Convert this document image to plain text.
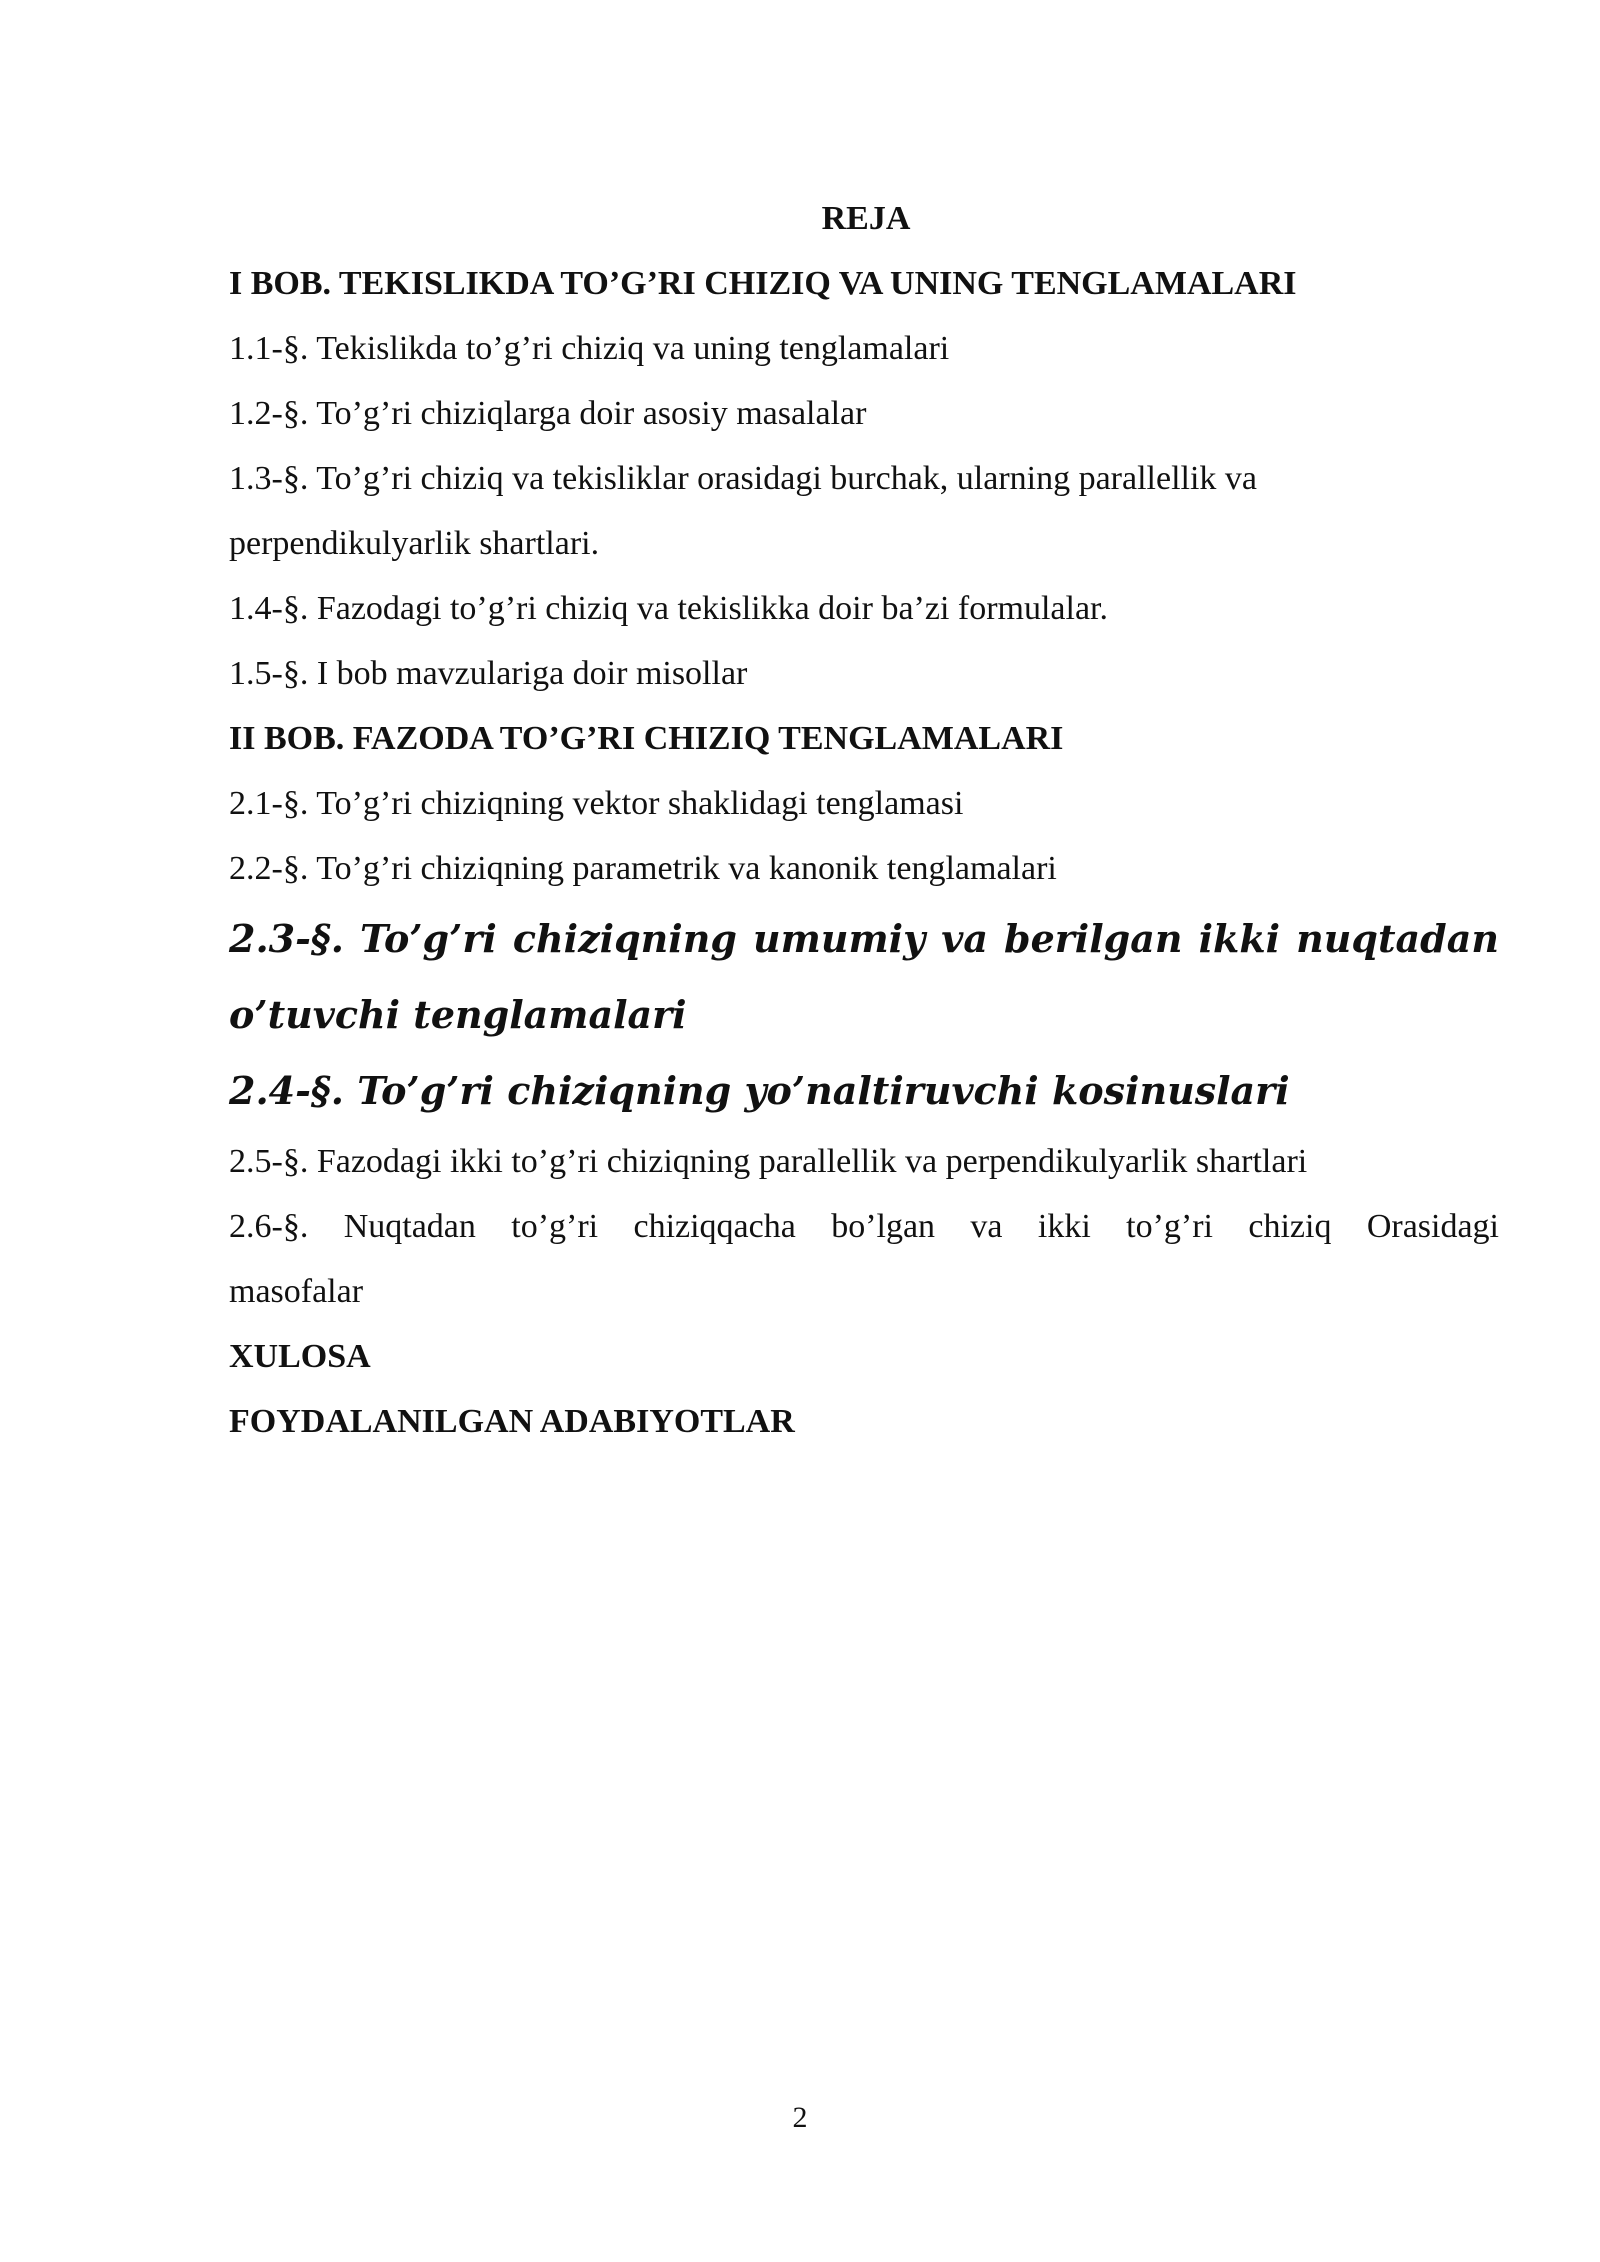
REJA
I BOB. TEKISLIKDA TO’G’RI CHIZIQ VA UNING TENGLAMALARI
1.1-§. Tekislikda to’g’ri chiziq va uning tenglamalari
1.2-§. To’g’ri chiziqlarga doir asosiy masalalar
1.3-§. To’g’ri chiziq va tekisliklar orasidagi burchak, ularning parallellik va
perpendikulyarlik shartlari.
1.4-§. Fazodagi to’g’ri chiziq va tekislikka doir ba’zi formulalar.
1.5-§. I bob mavzulariga doir misollar
II BOB. FAZODA TO’G’RI CHIZIQ TENGLAMALARI
2.1-§. To’g’ri chiziqning vektor shaklidagi tenglamasi
2.2-§. To’g’ri chiziqning parametrik va kanonik tenglamalari
2.3-§. To’g’ri chiziqning umumiy va berilgan ikki nuqtadan
o’tuvchi tenglamalari
2.4-§. To’g’ri chiziqning yo’naltiruvchi kosinuslari
2.5-§. Fazodagi ikki to’g’ri chiziqning parallellik va perpendikulyarlik shartlari
2.6-§. Nuqtadan to’g’ri chiziqqacha bo’lgan va ikki to’g’ri chiziq Orasidagi
masofalar
XULOSA
FOYDALANILGAN ADABIYOTLAR
2
